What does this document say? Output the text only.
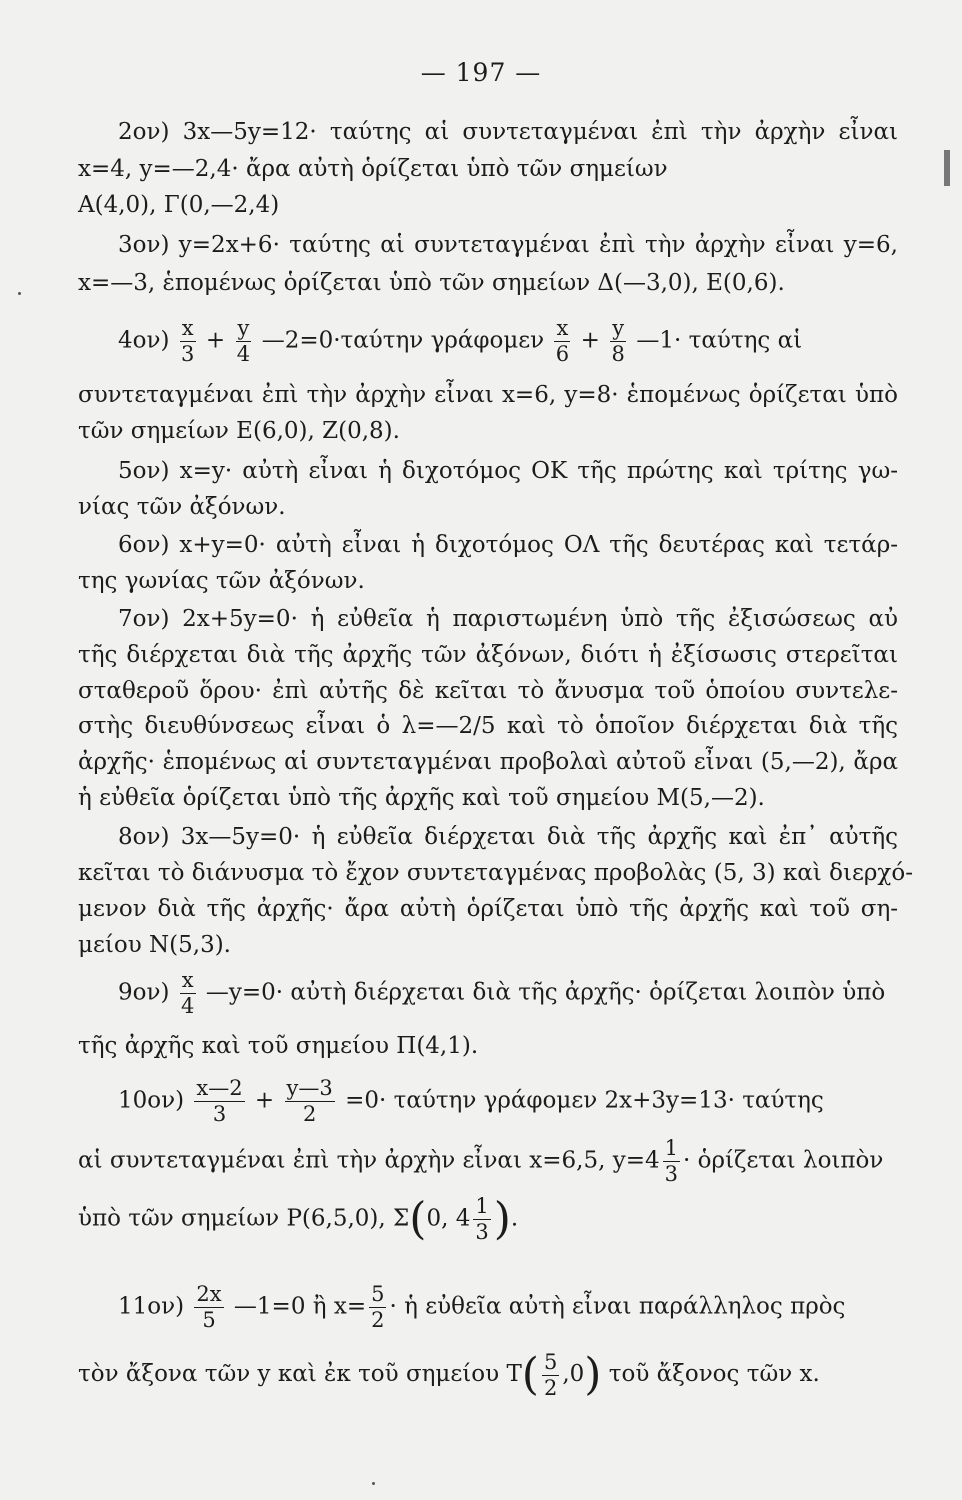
— 197 —
2ον) 3x—5y=12· ταύτης αἱ συντεταγμέναι ἐπὶ τὴν ἀρχὴν εἶναι
x=4, y=—2,4· ἄρα αὐτὴ ὁρίζεται ὑπὸ τῶν σημείων
A(4,0), Γ(0,—2,4)
3ον) y=2x+6· ταύτης αἱ συντεταγμέναι ἐπὶ τὴν ἀρχὴν εἶναι y=6,
x=—3, ἑπομένως ὁρίζεται ὑπὸ τῶν σημείων Δ(—3,0), E(0,6).
$4o\nu) \frac{x}{3} + \frac{y}{4}$ —2=0·ταύτην γράφομεν $\frac{x}{6} + \frac{y}{8}$ —1· ταύτης αἱ
συντεταγμέναι ἐπὶ τὴν ἀρχὴν εἶναι x=6, y=8· ἑπομένως ὁρίζεται ὑπὸ
τῶν σημείων E(6,0), Z(0,8).
5ον) x=y· αὐτὴ εἶναι ἡ διχοτόμος ΟΚ τῆς πρώτης καὶ τρίτης γω-
νίας τῶν ἀξόνων.
6ον) x+y=0· αὐτὴ εἶναι ἡ διχοτόμος ΟΛ τῆς δευτέρας καὶ τετάρ-
της γωνίας τῶν ἀξόνων.
7ον) 2x+5y=0· ἡ εὐθεῖα ἡ παριστωμένη ὑπὸ τῆς ἐξισώσεως αὐ
τῆς διέρχεται διὰ τῆς ἀρχῆς τῶν ἀξόνων, διότι ἡ ἐξίσωσις στερεῖται
σταθεροῦ ὅρου· ἐπὶ αὐτῆς δὲ κεῖται τὸ ἄνυσμα τοῦ ὁποίου συντελε-
στὴς διευθύνσεως εἶναι ὁ λ=—2/5 καὶ τὸ ὁποῖον διέρχεται διὰ τῆς
ἀρχῆς· ἑπομένως αἱ συντεταγμέναι προβολαὶ αὐτοῦ εἶναι (5,—2), ἄρα
ἡ εὐθεῖα ὁρίζεται ὑπὸ τῆς ἀρχῆς καὶ τοῦ σημείου M(5,—2).
8ον) 3x—5y=0· ἡ εὐθεῖα διέρχεται διὰ τῆς ἀρχῆς καὶ ἐπ᾽ αὐτῆς
κεῖται τὸ διάνυσμα τὸ ἔχον συντεταγμένας προβολὰς (5, 3) καὶ διερχό-
μενον διὰ τῆς ἀρχῆς· ἄρα αὐτὴ ὁρίζεται ὑπὸ τῆς ἀρχῆς καὶ τοῦ ση-
μείου N(5,3).
$9o\nu) \frac{x}{4}$ —y=0· αὐτὴ διέρχεται διὰ τῆς ἀρχῆς· ὁρίζεται λοιπὸν ὑπὸ
τῆς ἀρχῆς καὶ τοῦ σημείου Π(4,1).
$10o\nu) \frac{x—2}{3} + \frac{y—3}{2} =0\cdot \tau\alpha ύ\tau\eta\nu$ γράφομεν 2x+3y=13· ταύτης
αἱ συντεταγμέναι ἐπὶ τὴν ἀρχὴν εἶναι x=6,5, $y=4 \frac{1}{3}$ · ὁρίζεται λοιπὸν
ὑπὸ τῶν σημείων P(6,5,0), Σ(0, $4 \frac{1}{3}$ ).
$11o\nu) \frac{2x}{5}$ —1=0 ἢ $x= \frac{5}{2}$ · ἡ εὐθεῖα αὐτὴ εἶναι παράλληλος πρὸς
τὸν ἄξονα τῶν y καὶ ἐκ τοῦ σημείου $T( \frac{5}{2} ,0)$ τοῦ ἄξονος τῶν x.
